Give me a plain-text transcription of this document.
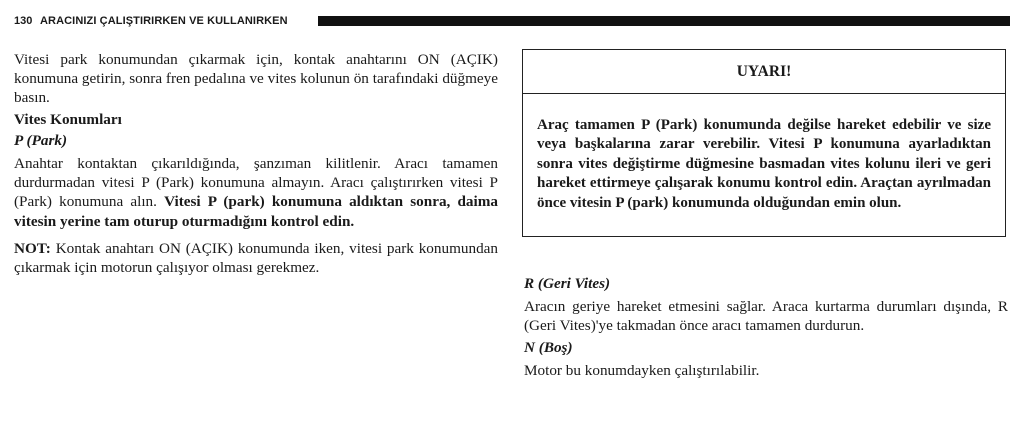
130 ARACINIZI ÇALIŞTIRIRKEN VE KULLANIRKEN

Vitesi park konumundan çıkarmak için, kontak anahtarını ON (AÇIK) konumuna getirin, sonra fren pedalına ve vites kolunun ön tarafındaki düğmeye basın.

Vites Konumları

P (Park)

Anahtar kontaktan çıkarıldığında, şanzıman kilitlenir. Aracı tamamen durdurmadan vitesi P (Park) konumuna almayın. Aracı çalıştırırken vitesi P (Park) konumuna alın. Vitesi P (park) konumuna aldıktan sonra, daima vitesin yerine tam oturup oturmadığını kontrol edin.

NOT: Kontak anahtarı ON (AÇIK) konumunda iken, vitesi park konumundan çıkarmak için motorun çalışıyor olması gerekmez.

UYARI!
Araç tamamen P (Park) konumunda değilse hareket edebilir ve size veya başkalarına zarar verebilir. Vitesi P konumuna ayarladıktan sonra vites değiştirme düğmesine basmadan vites kolunu ileri ve geri hareket ettirmeye çalışarak konumu kontrol edin. Araçtan ayrılmadan önce vitesin P (park) konumunda olduğundan emin olun.

R (Geri Vites)

Aracın geriye hareket etmesini sağlar. Araca kurtarma durumları dışında, R (Geri Vites)'ye takmadan önce aracı tamamen durdurun.

N (Boş)

Motor bu konumdayken çalıştırılabilir.
